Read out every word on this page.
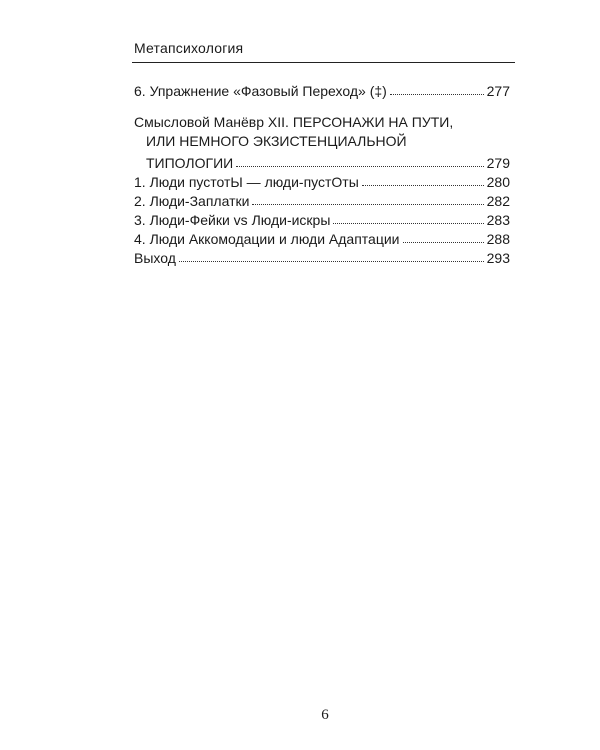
Метапсихология
6. Упражнение «Фазовый Переход» (‡)	277
Смысловой Манёвр XII. ПЕРСОНАЖИ НА ПУТИ,
ИЛИ НЕМНОГО ЭКЗИСТЕНЦИАЛЬНОЙ
ТИПОЛОГИИ	279
1. Люди пустотЫ — люди-пустОты	280
2. Люди-Заплатки	282
3. Люди-Фейки vs Люди-искры	283
4. Люди Аккомодации и люди Адаптации	288
Выход	293
6
